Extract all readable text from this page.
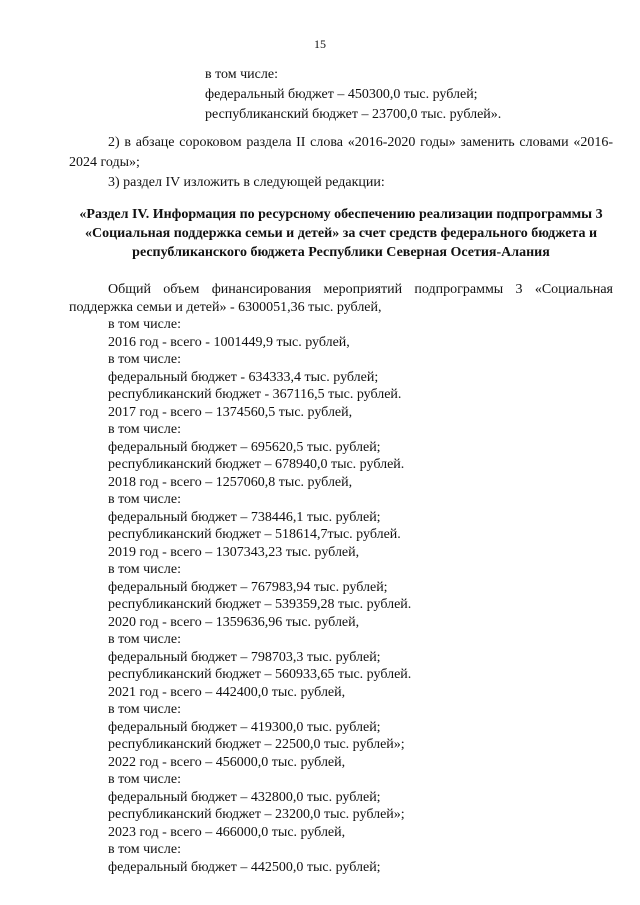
15
в том числе:
федеральный бюджет – 450300,0 тыс. рублей;
республиканский бюджет – 23700,0 тыс. рублей».
2) в абзаце сороковом раздела II слова «2016-2020 годы» заменить словами «2016-2024 годы»;
3) раздел IV изложить в следующей редакции:
«Раздел IV. Информация по ресурсному обеспечению реализации подпрограммы 3 «Социальная поддержка семьи и детей» за счет средств федерального бюджета и республиканского бюджета Республики Северная Осетия-Алания
Общий объем финансирования мероприятий подпрограммы 3 «Социальная поддержка семьи и детей» - 6300051,36 тыс. рублей,
в том числе:
2016 год - всего - 1001449,9 тыс. рублей,
в том числе:
федеральный бюджет - 634333,4 тыс. рублей;
республиканский бюджет - 367116,5 тыс. рублей.
2017 год - всего – 1374560,5 тыс. рублей,
в том числе:
федеральный бюджет – 695620,5 тыс. рублей;
республиканский бюджет – 678940,0 тыс. рублей.
2018 год - всего – 1257060,8 тыс. рублей,
в том числе:
федеральный бюджет – 738446,1 тыс. рублей;
республиканский бюджет – 518614,7тыс. рублей.
2019 год - всего – 1307343,23 тыс. рублей,
в том числе:
федеральный бюджет – 767983,94 тыс. рублей;
республиканский бюджет – 539359,28 тыс. рублей.
2020 год - всего – 1359636,96 тыс. рублей,
в том числе:
федеральный бюджет – 798703,3 тыс. рублей;
республиканский бюджет – 560933,65 тыс. рублей.
2021 год - всего – 442400,0 тыс. рублей,
в том числе:
федеральный бюджет – 419300,0 тыс. рублей;
республиканский бюджет – 22500,0 тыс. рублей»;
2022 год - всего – 456000,0 тыс. рублей,
в том числе:
федеральный бюджет – 432800,0 тыс. рублей;
республиканский бюджет – 23200,0 тыс. рублей»;
2023 год - всего – 466000,0 тыс. рублей,
в том числе:
федеральный бюджет – 442500,0 тыс. рублей;
